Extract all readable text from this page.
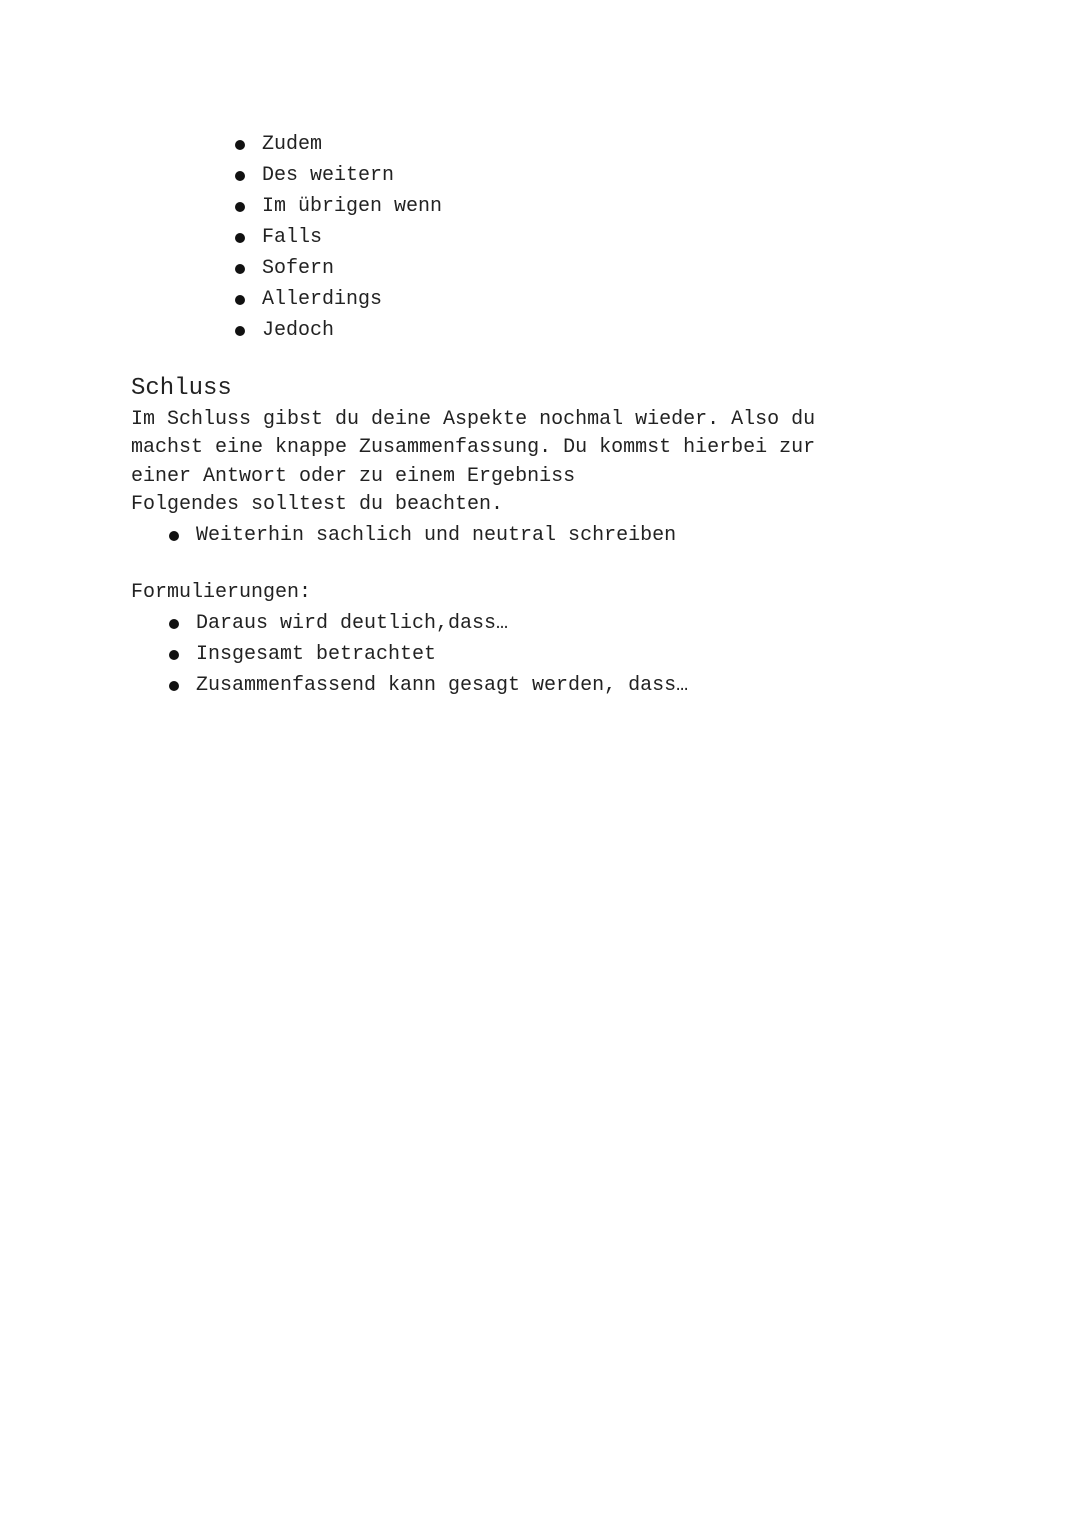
Zudem
Des weitern
Im übrigen wenn
Falls
Sofern
Allerdings
Jedoch
Schluss

Im Schluss gibst du deine Aspekte nochmal wieder. Also du
machst eine knappe Zusammenfassung. Du kommst hierbei zur
einer Antwort oder zu einem Ergebniss
Folgendes solltest du beachten.

Weiterhin sachlich und neutral schreiben

Formulierungen:

Daraus wird deutlich,dass…
Insgesamt betrachtet
Zusammenfassend kann gesagt werden, dass…
